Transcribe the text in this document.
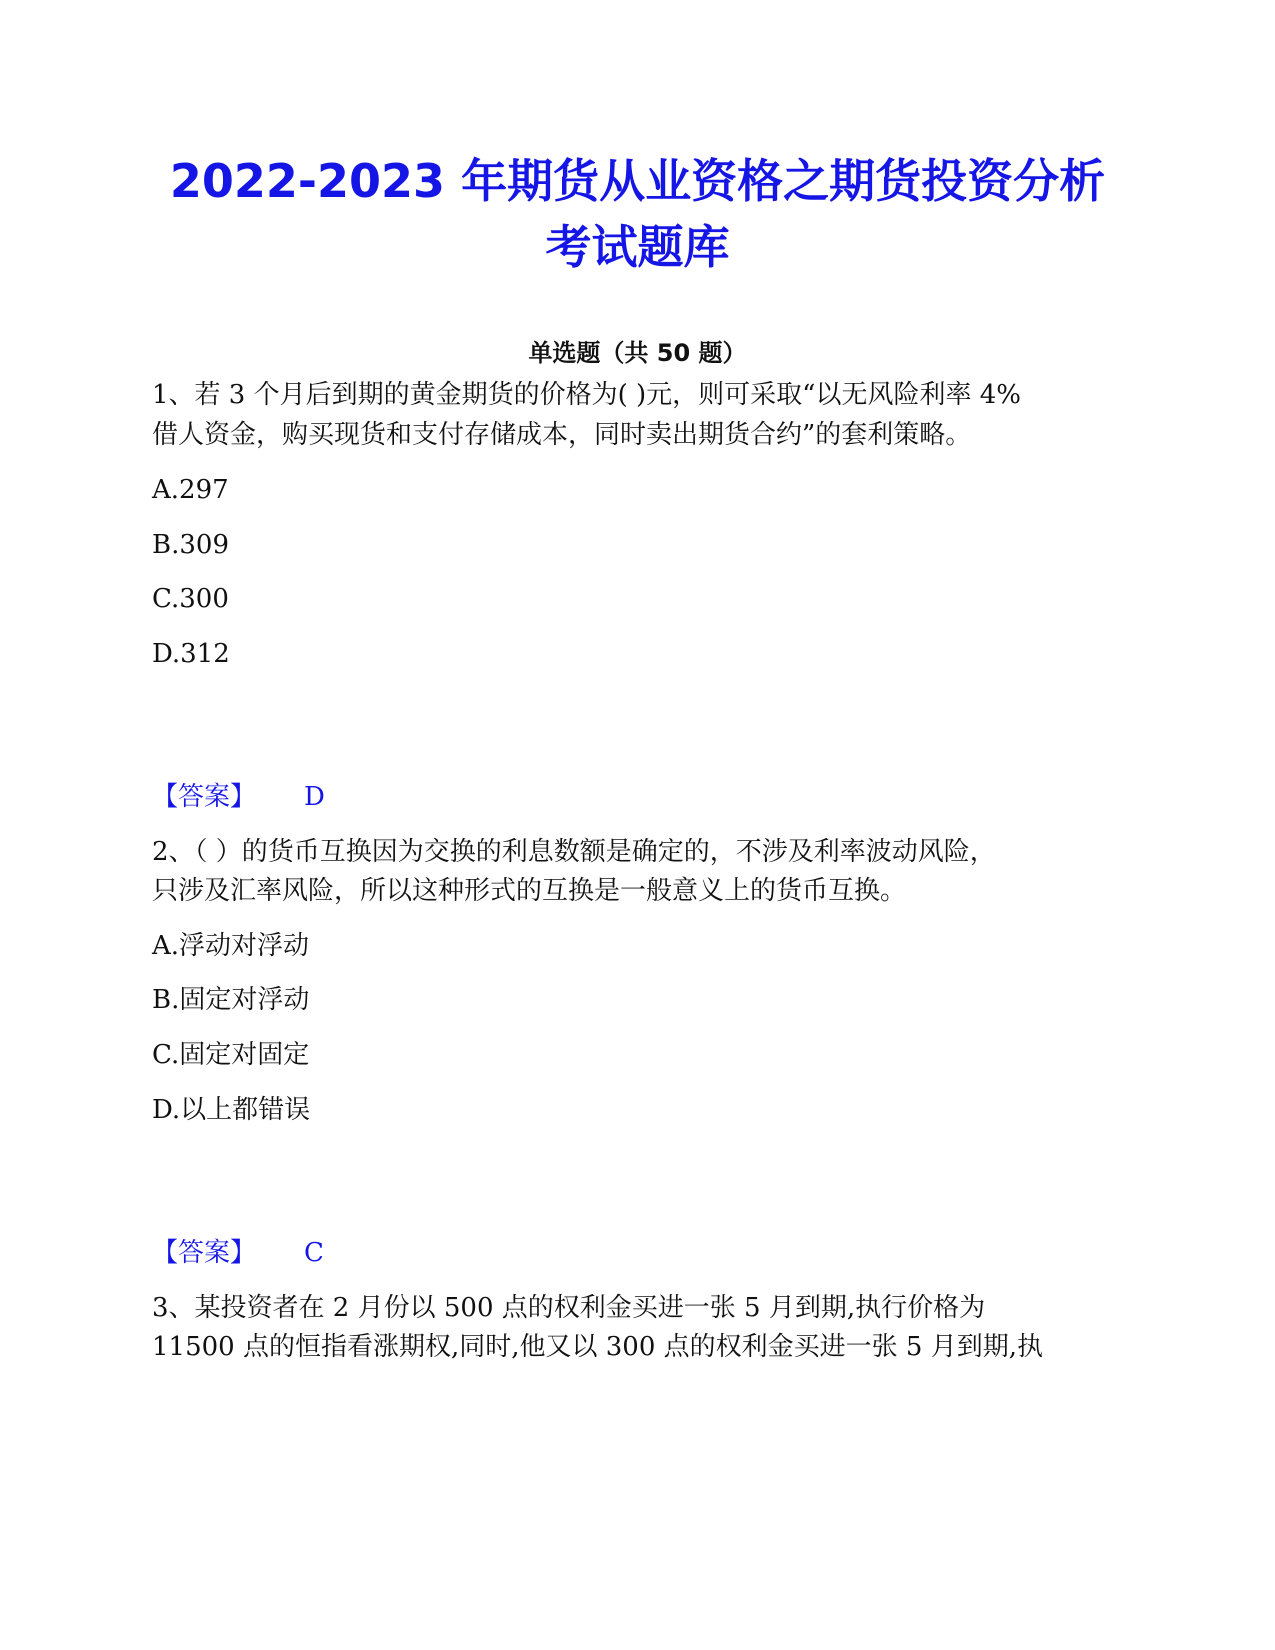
2022-2023 年期货从业资格之期货投资分析
考试题库
单选题（共 50 题）
1、若 3 个月后到期的黄金期货的价格为( )元，则可采取“以无风险利率 4%
借人资金，购买现货和支付存储成本，同时卖出期货合约”的套利策略。
A.297
B.309
C.300
D.312
【答案】 D
2、（ ）的货币互换因为交换的利息数额是确定的，不涉及利率波动风险，
只涉及汇率风险，所以这种形式的互换是一般意义上的货币互换。
A.浮动对浮动
B.固定对浮动
C.固定对固定
D.以上都错误
【答案】 C
3、某投资者在 2 月份以 500 点的权利金买进一张 5 月到期,执行价格为
11500 点的恒指看涨期权,同时,他又以 300 点的权利金买进一张 5 月到期,执
